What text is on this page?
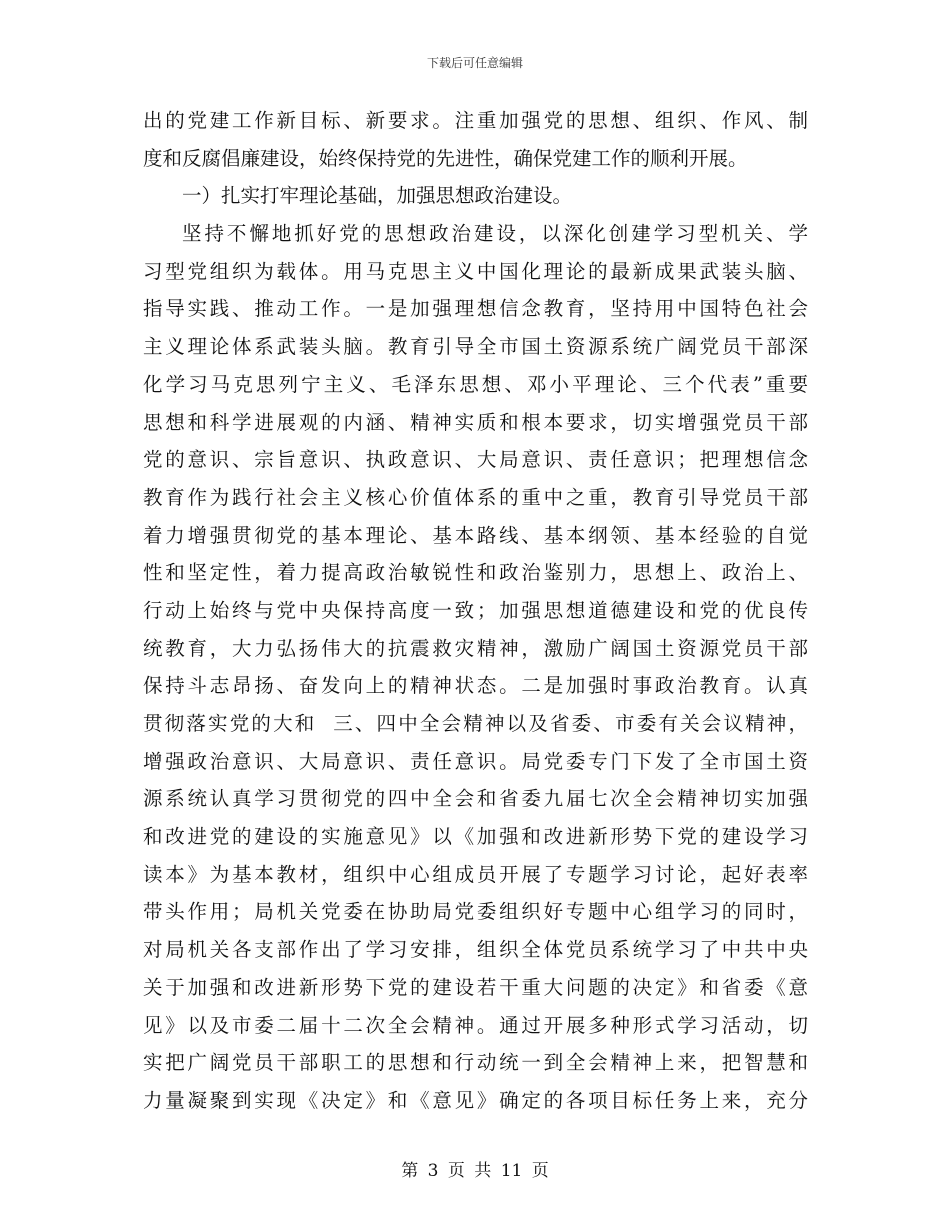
下载后可任意编辑
出的党建工作新目标、新要求。注重加强党的思想、组织、作风、制
度和反腐倡廉建设，始终保持党的先进性，确保党建工作的顺利开展。
一）扎实打牢理论基础，加强思想政治建设。
坚持不懈地抓好党的思想政治建设，以深化创建学习型机关、学
习型党组织为载体。用马克思主义中国化理论的最新成果武装头脑、
指导实践、推动工作。一是加强理想信念教育，坚持用中国特色社会
主义理论体系武装头脑。教育引导全市国土资源系统广阔党员干部深
化学习马克思列宁主义、毛泽东思想、邓小平理论、三个代表”重要
思想和科学进展观的内涵、精神实质和根本要求，切实增强党员干部
党的意识、宗旨意识、执政意识、大局意识、责任意识；把理想信念
教育作为践行社会主义核心价值体系的重中之重，教育引导党员干部
着力增强贯彻党的基本理论、基本路线、基本纲领、基本经验的自觉
性和坚定性，着力提高政治敏锐性和政治鉴别力，思想上、政治上、
行动上始终与党中央保持高度一致；加强思想道德建设和党的优良传
统教育，大力弘扬伟大的抗震救灾精神，激励广阔国土资源党员干部
保持斗志昂扬、奋发向上的精神状态。二是加强时事政治教育。认真
贯彻落实党的大和  三、四中全会精神以及省委、市委有关会议精神，
增强政治意识、大局意识、责任意识。局党委专门下发了全市国土资
源系统认真学习贯彻党的四中全会和省委九届七次全会精神切实加强
和改进党的建设的实施意见》以《加强和改进新形势下党的建设学习
读本》为基本教材，组织中心组成员开展了专题学习讨论，起好表率
带头作用；局机关党委在协助局党委组织好专题中心组学习的同时，
对局机关各支部作出了学习安排，组织全体党员系统学习了中共中央
关于加强和改进新形势下党的建设若干重大问题的决定》和省委《意
见》以及市委二届十二次全会精神。通过开展多种形式学习活动，切
实把广阔党员干部职工的思想和行动统一到全会精神上来，把智慧和
力量凝聚到实现《决定》和《意见》确定的各项目标任务上来，充分
第 3 页 共 11 页
